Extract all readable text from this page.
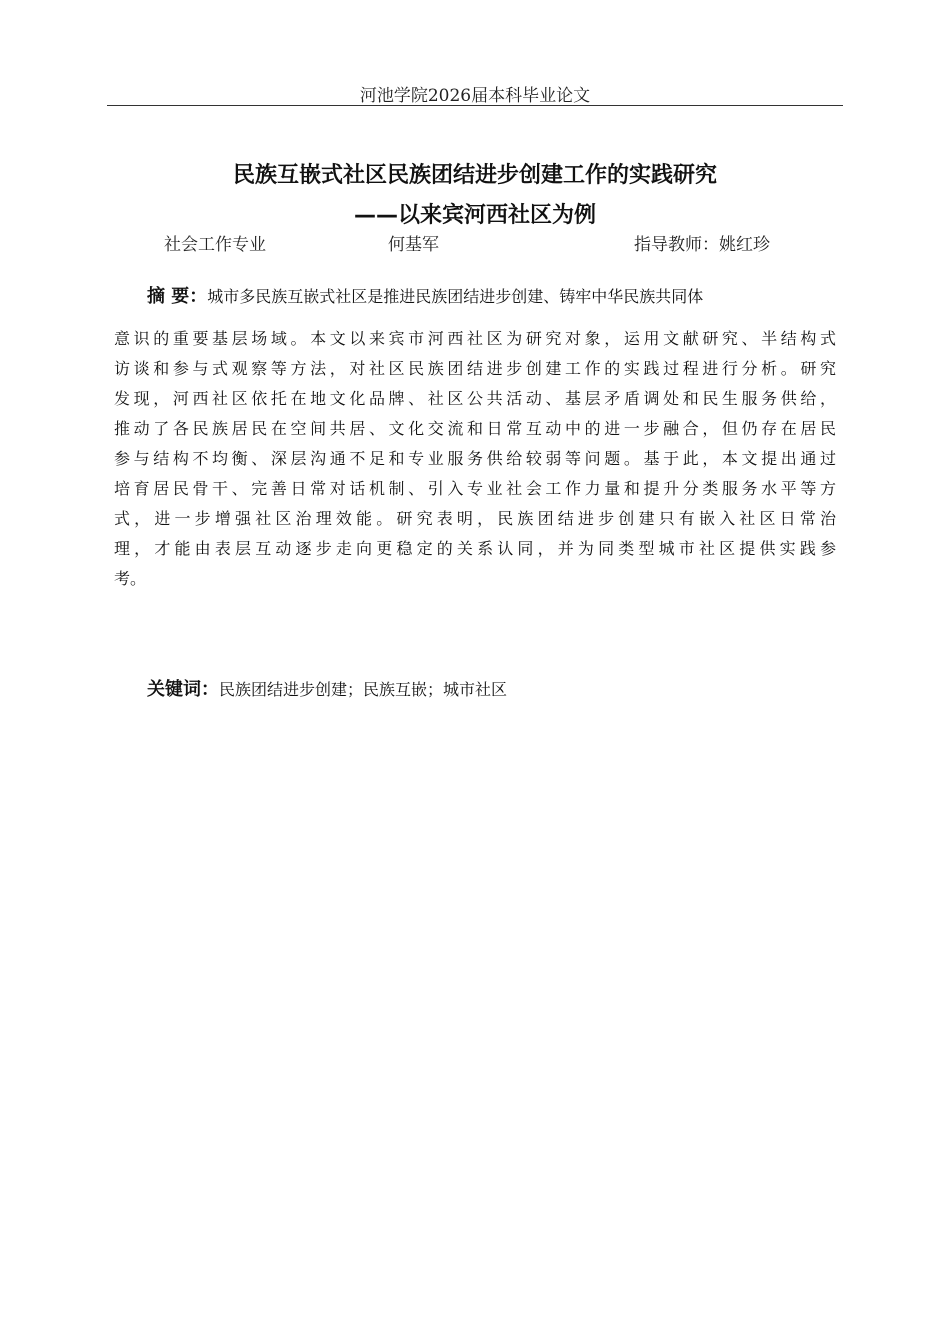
河池学院2026届本科毕业论文
民族互嵌式社区民族团结进步创建工作的实践研究
——以来宾河西社区为例
社会工作专业	何基军	指导教师：姚红珍
摘 要：城市多民族互嵌式社区是推进民族团结进步创建、铸牢中华民族共同体
意识的重要基层场域。本文以来宾市河西社区为研究对象，运用文献研究、半结构式
访谈和参与式观察等方法，对社区民族团结进步创建工作的实践过程进行分析。研究
发现，河西社区依托在地文化品牌、社区公共活动、基层矛盾调处和民生服务供给，
推动了各民族居民在空间共居、文化交流和日常互动中的进一步融合，但仍存在居民
参与结构不均衡、深层沟通不足和专业服务供给较弱等问题。基于此，本文提出通过
培育居民骨干、完善日常对话机制、引入专业社会工作力量和提升分类服务水平等方
式，进一步增强社区治理效能。研究表明，民族团结进步创建只有嵌入社区日常治
理，才能由表层互动逐步走向更稳定的关系认同，并为同类型城市社区提供实践参
考。
关键词：民族团结进步创建；民族互嵌；城市社区
